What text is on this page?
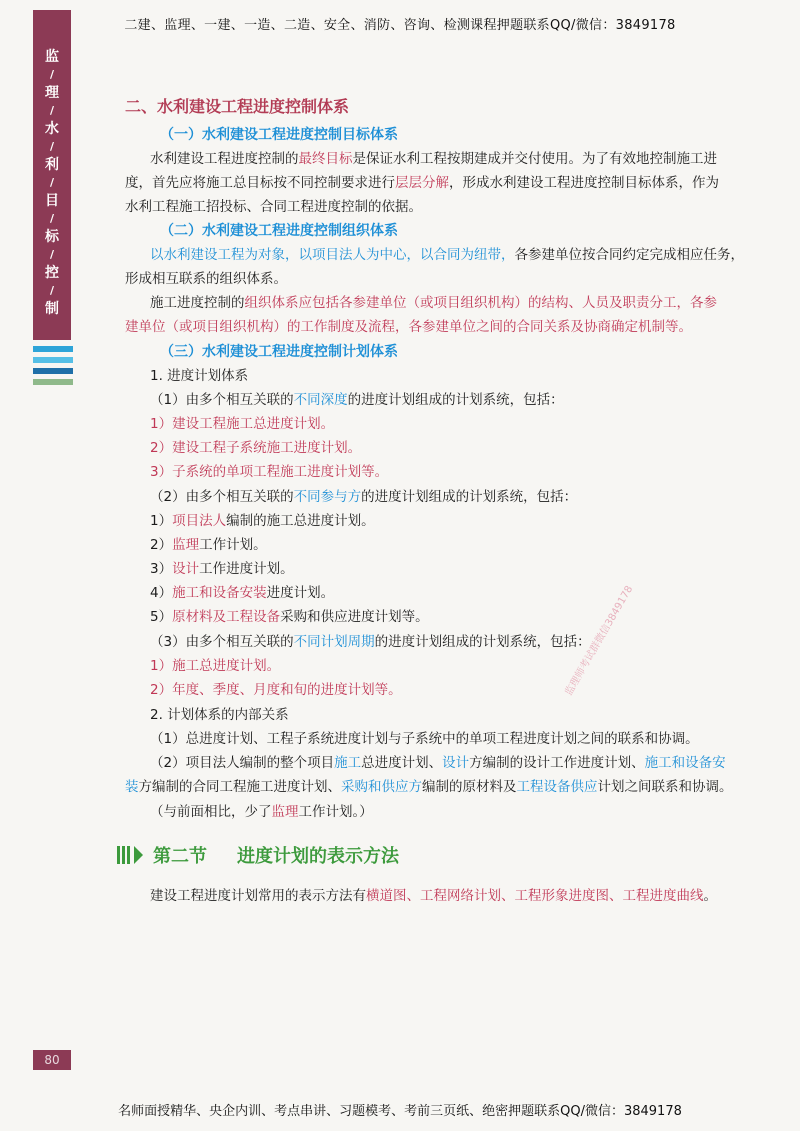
二建、监理、一建、一造、二造、安全、消防、咨询、检测课程押题联系QQ/微信：3849178
监
/
理
/
水
/
利
/
目
/
标
/
控
/
制
二、水利建设工程进度控制体系
（一）水利建设工程进度控制目标体系
水利建设工程进度控制的最终目标是保证水利工程按期建成并交付使用。为了有效地控制施工进
度，首先应将施工总目标按不同控制要求进行层层分解，形成水利建设工程进度控制目标体系，作为
水利工程施工招投标、合同工程进度控制的依据。
（二）水利建设工程进度控制组织体系
以水利建设工程为对象，以项目法人为中心，以合同为纽带，各参建单位按合同约定完成相应任务，
形成相互联系的组织体系。
施工进度控制的组织体系应包括各参建单位（或项目组织机构）的结构、人员及职责分工，各参
建单位（或项目组织机构）的工作制度及流程，各参建单位之间的合同关系及协商确定机制等。
（三）水利建设工程进度控制计划体系
1. 进度计划体系
（1）由多个相互关联的不同深度的进度计划组成的计划系统，包括：
1）建设工程施工总进度计划。
2）建设工程子系统施工进度计划。
3）子系统的单项工程施工进度计划等。
（2）由多个相互关联的不同参与方的进度计划组成的计划系统，包括：
1）项目法人编制的施工总进度计划。
2）监理工作计划。
3）设计工作进度计划。
4）施工和设备安装进度计划。
5）原材料及工程设备采购和供应进度计划等。
（3）由多个相互关联的不同计划周期的进度计划组成的计划系统，包括：
1）施工总进度计划。
2）年度、季度、月度和旬的进度计划等。
2. 计划体系的内部关系
（1）总进度计划、工程子系统进度计划与子系统中的单项工程进度计划之间的联系和协调。
（2）项目法人编制的整个项目施工总进度计划、设计方编制的设计工作进度计划、施工和设备安
装方编制的合同工程施工进度计划、采购和供应方编制的原材料及工程设备供应计划之间联系和协调。
（与前面相比，少了监理工作计划。）
第二节 进度计划的表示方法
建设工程进度计划常用的表示方法有横道图、工程网络计划、工程形象进度图、工程进度曲线。
监理师考试群微信3849178
80
名师面授精华、央企内训、考点串讲、习题模考、考前三页纸、绝密押题联系QQ/微信：3849178
